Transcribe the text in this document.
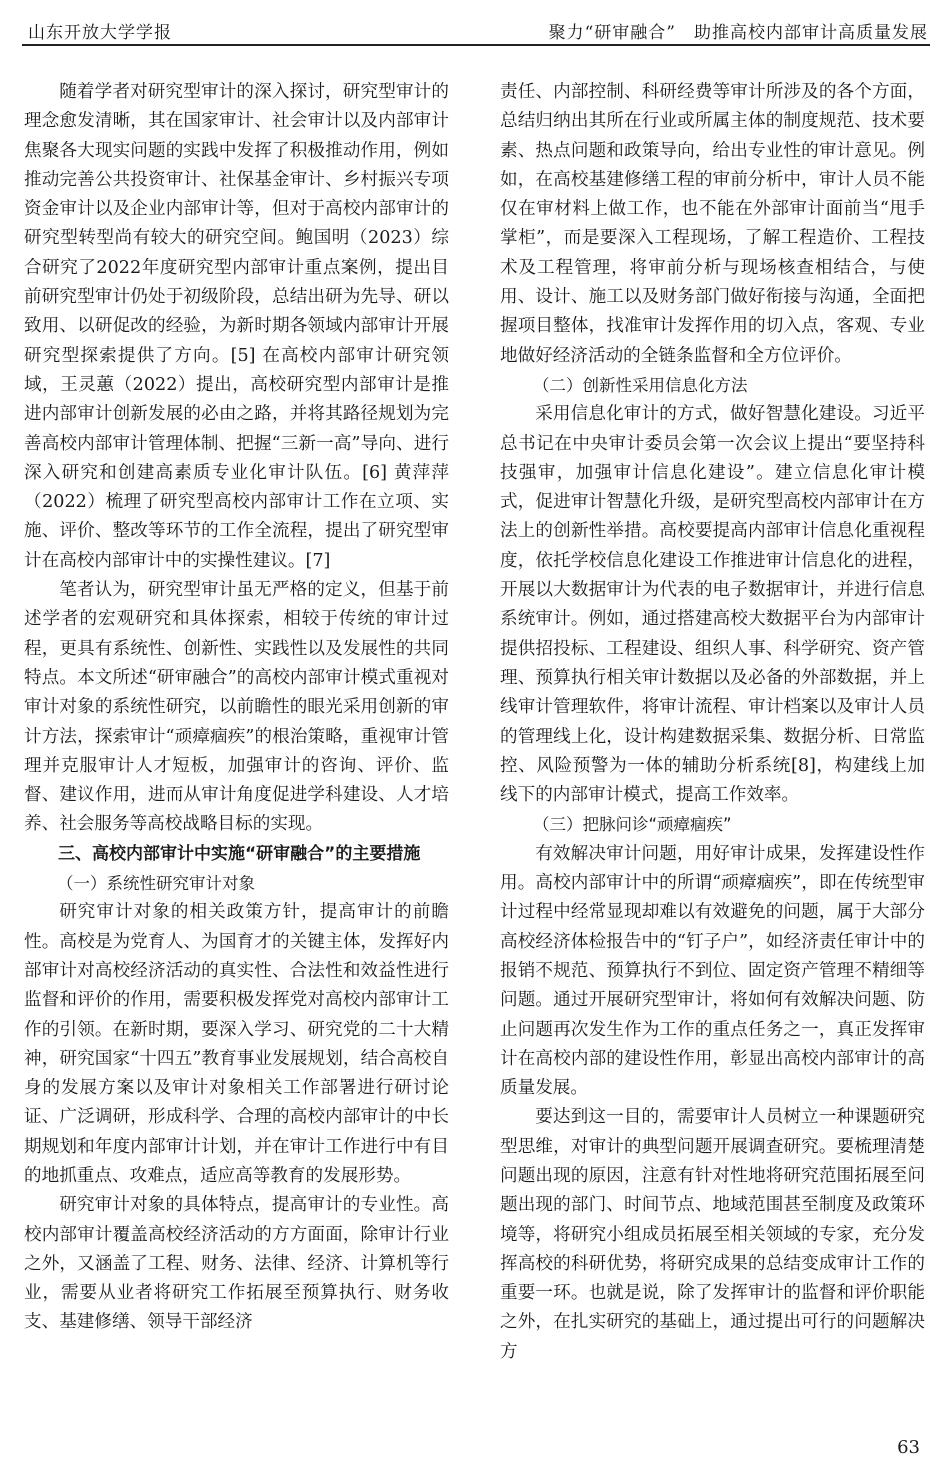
山东开放大学学报	聚力“研审融合”　助推高校内部审计高质量发展

随着学者对研究型审计的深入探讨，研究型审计的理念愈发清晰，其在国家审计、社会审计以及内部审计焦聚各大现实问题的实践中发挥了积极推动作用，例如推动完善公共投资审计、社保基金审计、乡村振兴专项资金审计以及企业内部审计等，但对于高校内部审计的研究型转型尚有较大的研究空间。鲍国明（2023）综合研究了2022年度研究型内部审计重点案例，提出目前研究型审计仍处于初级阶段，总结出研为先导、研以致用、以研促改的经验，为新时期各领域内部审计开展研究型探索提供了方向。[5] 在高校内部审计研究领域，王灵蕙（2022）提出，高校研究型内部审计是推进内部审计创新发展的必由之路，并将其路径规划为完善高校内部审计管理体制、把握“三新一高”导向、进行深入研究和创建高素质专业化审计队伍。[6] 黄萍萍（2022）梳理了研究型高校内部审计工作在立项、实施、评价、整改等环节的工作全流程，提出了研究型审计在高校内部审计中的实操性建议。[7]

笔者认为，研究型审计虽无严格的定义，但基于前述学者的宏观研究和具体探索，相较于传统的审计过程，更具有系统性、创新性、实践性以及发展性的共同特点。本文所述“研审融合”的高校内部审计模式重视对审计对象的系统性研究，以前瞻性的眼光采用创新的审计方法，探索审计“顽瘴痼疾”的根治策略，重视审计管理并克服审计人才短板，加强审计的咨询、评价、监督、建议作用，进而从审计角度促进学科建设、人才培养、社会服务等高校战略目标的实现。

三、高校内部审计中实施“研审融合”的主要措施

（一）系统性研究审计对象

研究审计对象的相关政策方针，提高审计的前瞻性。高校是为党育人、为国育才的关键主体，发挥好内部审计对高校经济活动的真实性、合法性和效益性进行监督和评价的作用，需要积极发挥党对高校内部审计工作的引领。在新时期，要深入学习、研究党的二十大精神，研究国家“十四五”教育事业发展规划，结合高校自身的发展方案以及审计对象相关工作部署进行研讨论证、广泛调研，形成科学、合理的高校内部审计的中长期规划和年度内部审计计划，并在审计工作进行中有目的地抓重点、攻难点，适应高等教育的发展形势。

研究审计对象的具体特点，提高审计的专业性。高校内部审计覆盖高校经济活动的方方面面，除审计行业之外，又涵盖了工程、财务、法律、经济、计算机等行业，需要从业者将研究工作拓展至预算执行、财务收支、基建修缮、领导干部经济

责任、内部控制、科研经费等审计所涉及的各个方面，总结归纳出其所在行业或所属主体的制度规范、技术要素、热点问题和政策导向，给出专业性的审计意见。例如，在高校基建修缮工程的审前分析中，审计人员不能仅在审材料上做工作，也不能在外部审计面前当“甩手掌柜”，而是要深入工程现场，了解工程造价、工程技术及工程管理，将审前分析与现场核查相结合，与使用、设计、施工以及财务部门做好衔接与沟通，全面把握项目整体，找准审计发挥作用的切入点，客观、专业地做好经济活动的全链条监督和全方位评价。

（二）创新性采用信息化方法

采用信息化审计的方式，做好智慧化建设。习近平总书记在中央审计委员会第一次会议上提出“要坚持科技强审，加强审计信息化建设”。建立信息化审计模式，促进审计智慧化升级，是研究型高校内部审计在方法上的创新性举措。高校要提高内部审计信息化重视程度，依托学校信息化建设工作推进审计信息化的进程，开展以大数据审计为代表的电子数据审计，并进行信息系统审计。例如，通过搭建高校大数据平台为内部审计提供招投标、工程建设、组织人事、科学研究、资产管理、预算执行相关审计数据以及必备的外部数据，并上线审计管理软件，将审计流程、审计档案以及审计人员的管理线上化，设计构建数据采集、数据分析、日常监控、风险预警为一体的辅助分析系统[8]，构建线上加线下的内部审计模式，提高工作效率。

（三）把脉问诊“顽瘴痼疾”

有效解决审计问题，用好审计成果，发挥建设性作用。高校内部审计中的所谓“顽瘴痼疾”，即在传统型审计过程中经常显现却难以有效避免的问题，属于大部分高校经济体检报告中的“钉子户”，如经济责任审计中的报销不规范、预算执行不到位、固定资产管理不精细等问题。通过开展研究型审计，将如何有效解决问题、防止问题再次发生作为工作的重点任务之一，真正发挥审计在高校内部的建设性作用，彰显出高校内部审计的高质量发展。

要达到这一目的，需要审计人员树立一种课题研究型思维，对审计的典型问题开展调查研究。要梳理清楚问题出现的原因，注意有针对性地将研究范围拓展至问题出现的部门、时间节点、地域范围甚至制度及政策环境等，将研究小组成员拓展至相关领域的专家，充分发挥高校的科研优势，将研究成果的总结变成审计工作的重要一环。也就是说，除了发挥审计的监督和评价职能之外，在扎实研究的基础上，通过提出可行的问题解决方

63
